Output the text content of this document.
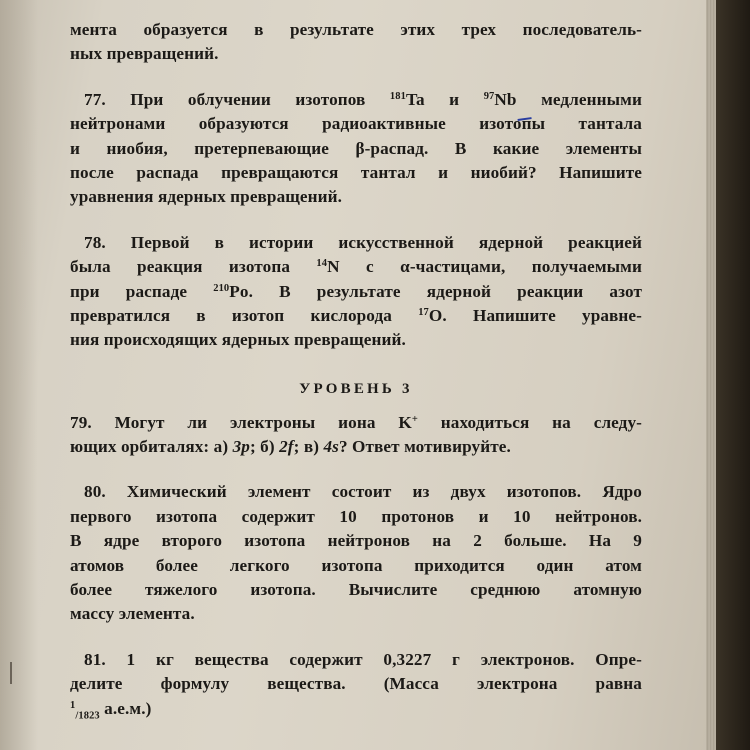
мента образуется в результате этих трех последователь-
ных превращений.
77. При облучении изотопов $^{181}$Ta и $^{97}$Nb медленными
нейтронами образуются радиоактивные изотопы тантала
и ниобия, претерпевающие β-распад. В какие элементы
после распада превращаются тантал и ниобий? Напишите
уравнения ядерных превращений.
78. Первой в истории искусственной ядерной реакцией
была реакция изотопа $^{14}$N с α-частицами, получаемыми
при распаде $^{210}$Po. В результате ядерной реакции азот
превратился в изотоп кислорода $^{17}$O. Напишите уравне-
ния происходящих ядерных превращений.
УРОВЕНЬ 3
79. Могут ли электроны иона K+ находиться на следу-
ющих орбиталях: а) 3p; б) 2f; в) 4s? Ответ мотивируйте.
80. Химический элемент состоит из двух изотопов. Ядро
первого изотопа содержит 10 протонов и 10 нейтронов.
В ядре второго изотопа нейтронов на 2 больше. На 9
атомов более легкого изотопа приходится один атом
более тяжелого изотопа. Вычислите среднюю атомную
массу элемента.
81. 1 кг вещества содержит 0,3227 г электронов. Опре-
делите формулу вещества. (Масса электрона равна
$^1_{/1823}$ а.е.м.)
